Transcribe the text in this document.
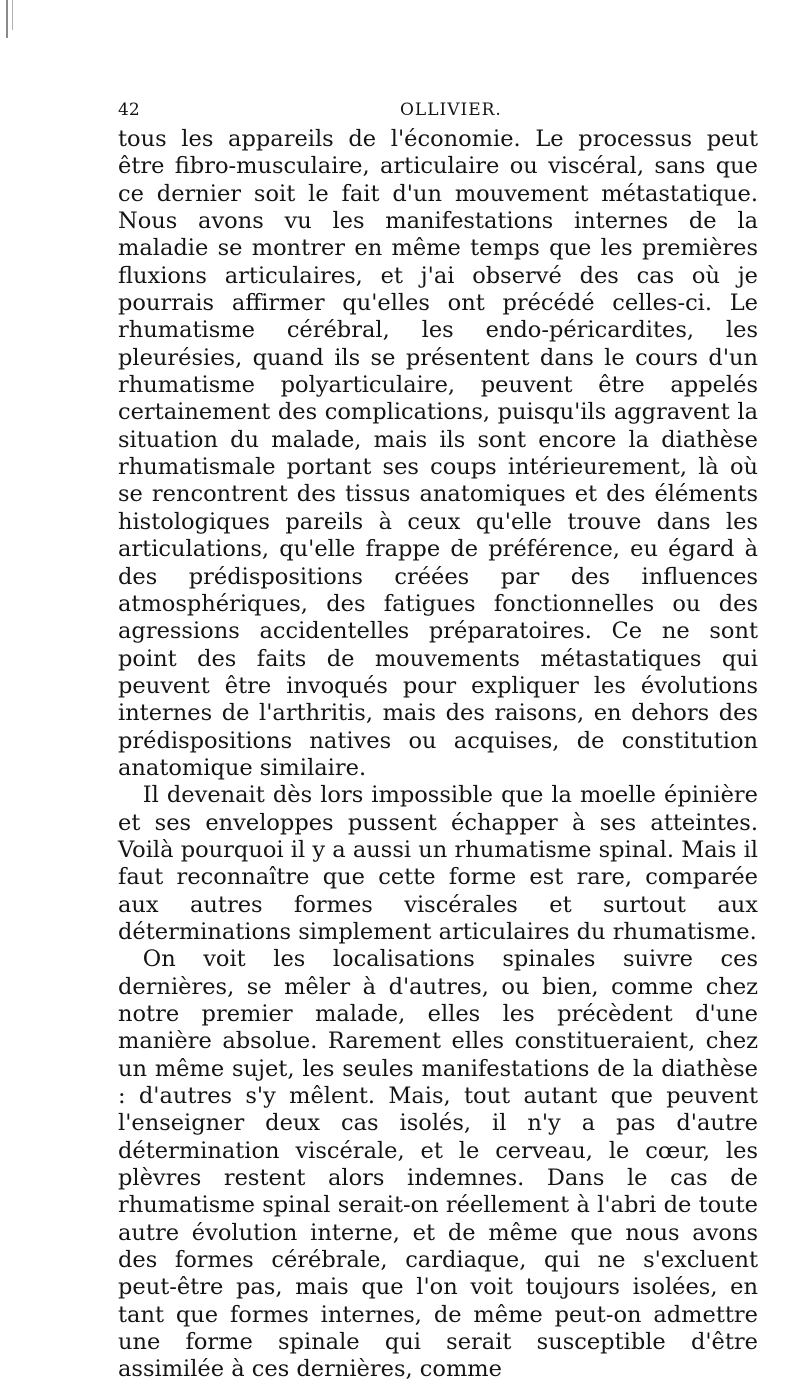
42	OLLIVIER.

tous les appareils de l'économie. Le processus peut être fibro-musculaire, articulaire ou viscéral, sans que ce dernier soit le fait d'un mouvement métastatique. Nous avons vu les manifestations internes de la maladie se montrer en même temps que les premières fluxions articulaires, et j'ai observé des cas où je pourrais affirmer qu'elles ont précédé celles-ci. Le rhumatisme cérébral, les endo-péricardites, les pleurésies, quand ils se présentent dans le cours d'un rhumatisme polyarticulaire, peuvent être appelés certainement des complications, puisqu'ils aggravent la situation du malade, mais ils sont encore la diathèse rhumatismale portant ses coups intérieurement, là où se rencontrent des tissus anatomiques et des éléments histologiques pareils à ceux qu'elle trouve dans les articulations, qu'elle frappe de préférence, eu égard à des prédispositions créées par des influences atmosphériques, des fatigues fonctionnelles ou des agressions accidentelles préparatoires. Ce ne sont point des faits de mouvements métastatiques qui peuvent être invoqués pour expliquer les évolutions internes de l'arthritis, mais des raisons, en dehors des prédispositions natives ou acquises, de constitution anatomique similaire.

Il devenait dès lors impossible que la moelle épinière et ses enveloppes pussent échapper à ses atteintes. Voilà pourquoi il y a aussi un rhumatisme spinal. Mais il faut reconnaître que cette forme est rare, comparée aux autres formes viscérales et surtout aux déterminations simplement articulaires du rhumatisme.

On voit les localisations spinales suivre ces dernières, se mêler à d'autres, ou bien, comme chez notre premier malade, elles les précèdent d'une manière absolue. Rarement elles constitueraient, chez un même sujet, les seules manifestations de la diathèse : d'autres s'y mêlent. Mais, tout autant que peuvent l'enseigner deux cas isolés, il n'y a pas d'autre détermination viscérale, et le cerveau, le cœur, les plèvres restent alors indemnes. Dans le cas de rhumatisme spinal serait-on réellement à l'abri de toute autre évolution interne, et de même que nous avons des formes cérébrale, cardiaque, qui ne s'excluent peut-être pas, mais que l'on voit toujours isolées, en tant que formes internes, de même peut-on admettre une forme spinale qui serait susceptible d'être assimilée à ces dernières, comme
